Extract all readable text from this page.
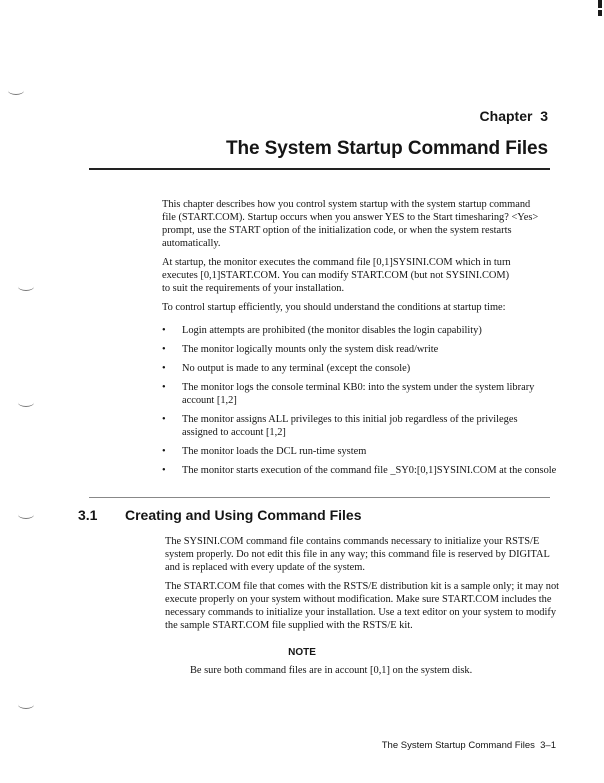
Chapter  3
The System Startup Command Files

This chapter describes how you control system startup with the system startup command file (START.COM). Startup occurs when you answer YES to the Start timesharing? <Yes> prompt, use the START option of the initialization code, or when the system restarts automatically.

At startup, the monitor executes the command file [0,1]SYSINI.COM which in turn executes [0,1]START.COM. You can modify START.COM (but not SYSINI.COM) to suit the requirements of your installation.

To control startup efficiently, you should understand the conditions at startup time:

• Login attempts are prohibited (the monitor disables the login capability)
• The monitor logically mounts only the system disk read/write
• No output is made to any terminal (except the console)
• The monitor logs the console terminal KB0: into the system under the system library account [1,2]
• The monitor assigns ALL privileges to this initial job regardless of the privileges assigned to account [1,2]
• The monitor loads the DCL run-time system
• The monitor starts execution of the command file _SY0:[0,1]SYSINI.COM at the console
3.1 Creating and Using Command Files

The SYSINI.COM command file contains commands necessary to initialize your RSTS/E system properly. Do not edit this file in any way; this command file is reserved by DIGITAL and is replaced with every update of the system.

The START.COM file that comes with the RSTS/E distribution kit is a sample only; it may not execute properly on your system without modification. Make sure START.COM includes the necessary commands to initialize your installation. Use a text editor on your system to modify the sample START.COM file supplied with the RSTS/E kit.

NOTE
Be sure both command files are in account [0,1] on the system disk.
The System Startup Command Files 3–1
